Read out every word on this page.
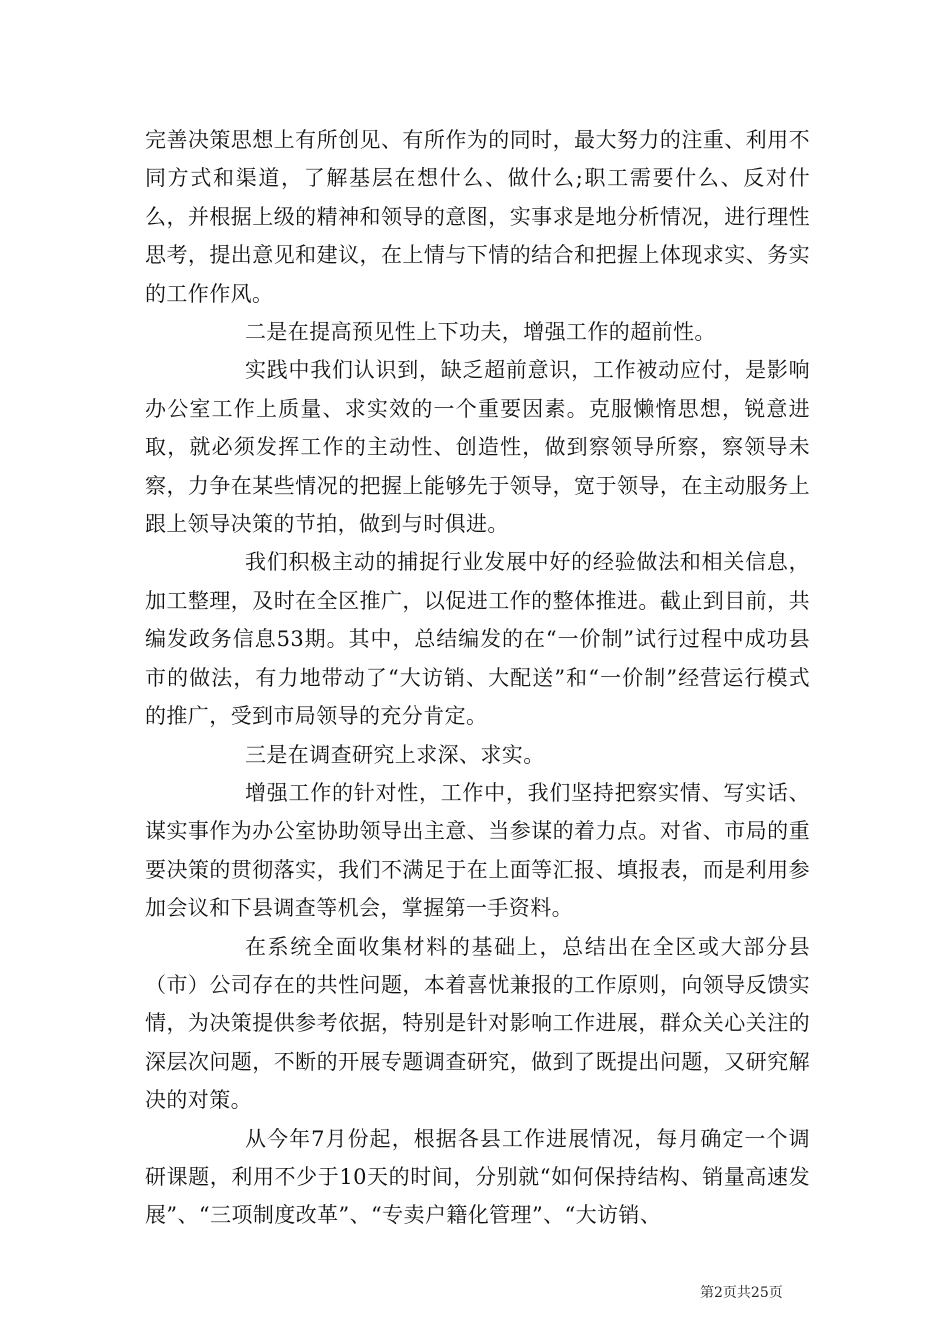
完善决策思想上有所创见、有所作为的同时，最大努力的注重、利用不同方式和渠道，了解基层在想什么、做什么;职工需要什么、反对什么，并根据上级的精神和领导的意图，实事求是地分析情况，进行理性思考，提出意见和建议，在上情与下情的结合和把握上体现求实、务实的工作作风。

二是在提高预见性上下功夫，增强工作的超前性。

实践中我们认识到，缺乏超前意识，工作被动应付，是影响办公室工作上质量、求实效的一个重要因素。克服懒惰思想，锐意进取，就必须发挥工作的主动性、创造性，做到察领导所察，察领导未察，力争在某些情况的把握上能够先于领导，宽于领导，在主动服务上跟上领导决策的节拍，做到与时俱进。

我们积极主动的捕捉行业发展中好的经验做法和相关信息，加工整理，及时在全区推广，以促进工作的整体推进。截止到目前，共编发政务信息53期。其中，总结编发的在“一价制”试行过程中成功县市的做法，有力地带动了“大访销、大配送”和“一价制”经营运行模式的推广，受到市局领导的充分肯定。

三是在调查研究上求深、求实。

增强工作的针对性，工作中，我们坚持把察实情、写实话、谋实事作为办公室协助领导出主意、当参谋的着力点。对省、市局的重要决策的贯彻落实，我们不满足于在上面等汇报、填报表，而是利用参加会议和下县调查等机会，掌握第一手资料。

在系统全面收集材料的基础上，总结出在全区或大部分县（市）公司存在的共性问题，本着喜忧兼报的工作原则，向领导反馈实情，为决策提供参考依据，特别是针对影响工作进展，群众关心关注的深层次问题，不断的开展专题调查研究，做到了既提出问题，又研究解决的对策。

从今年7月份起，根据各县工作进展情况，每月确定一个调研课题，利用不少于10天的时间，分别就“如何保持结构、销量高速发展”、“三项制度改革”、“专卖户籍化管理”、“大访销、

第2页共25页
